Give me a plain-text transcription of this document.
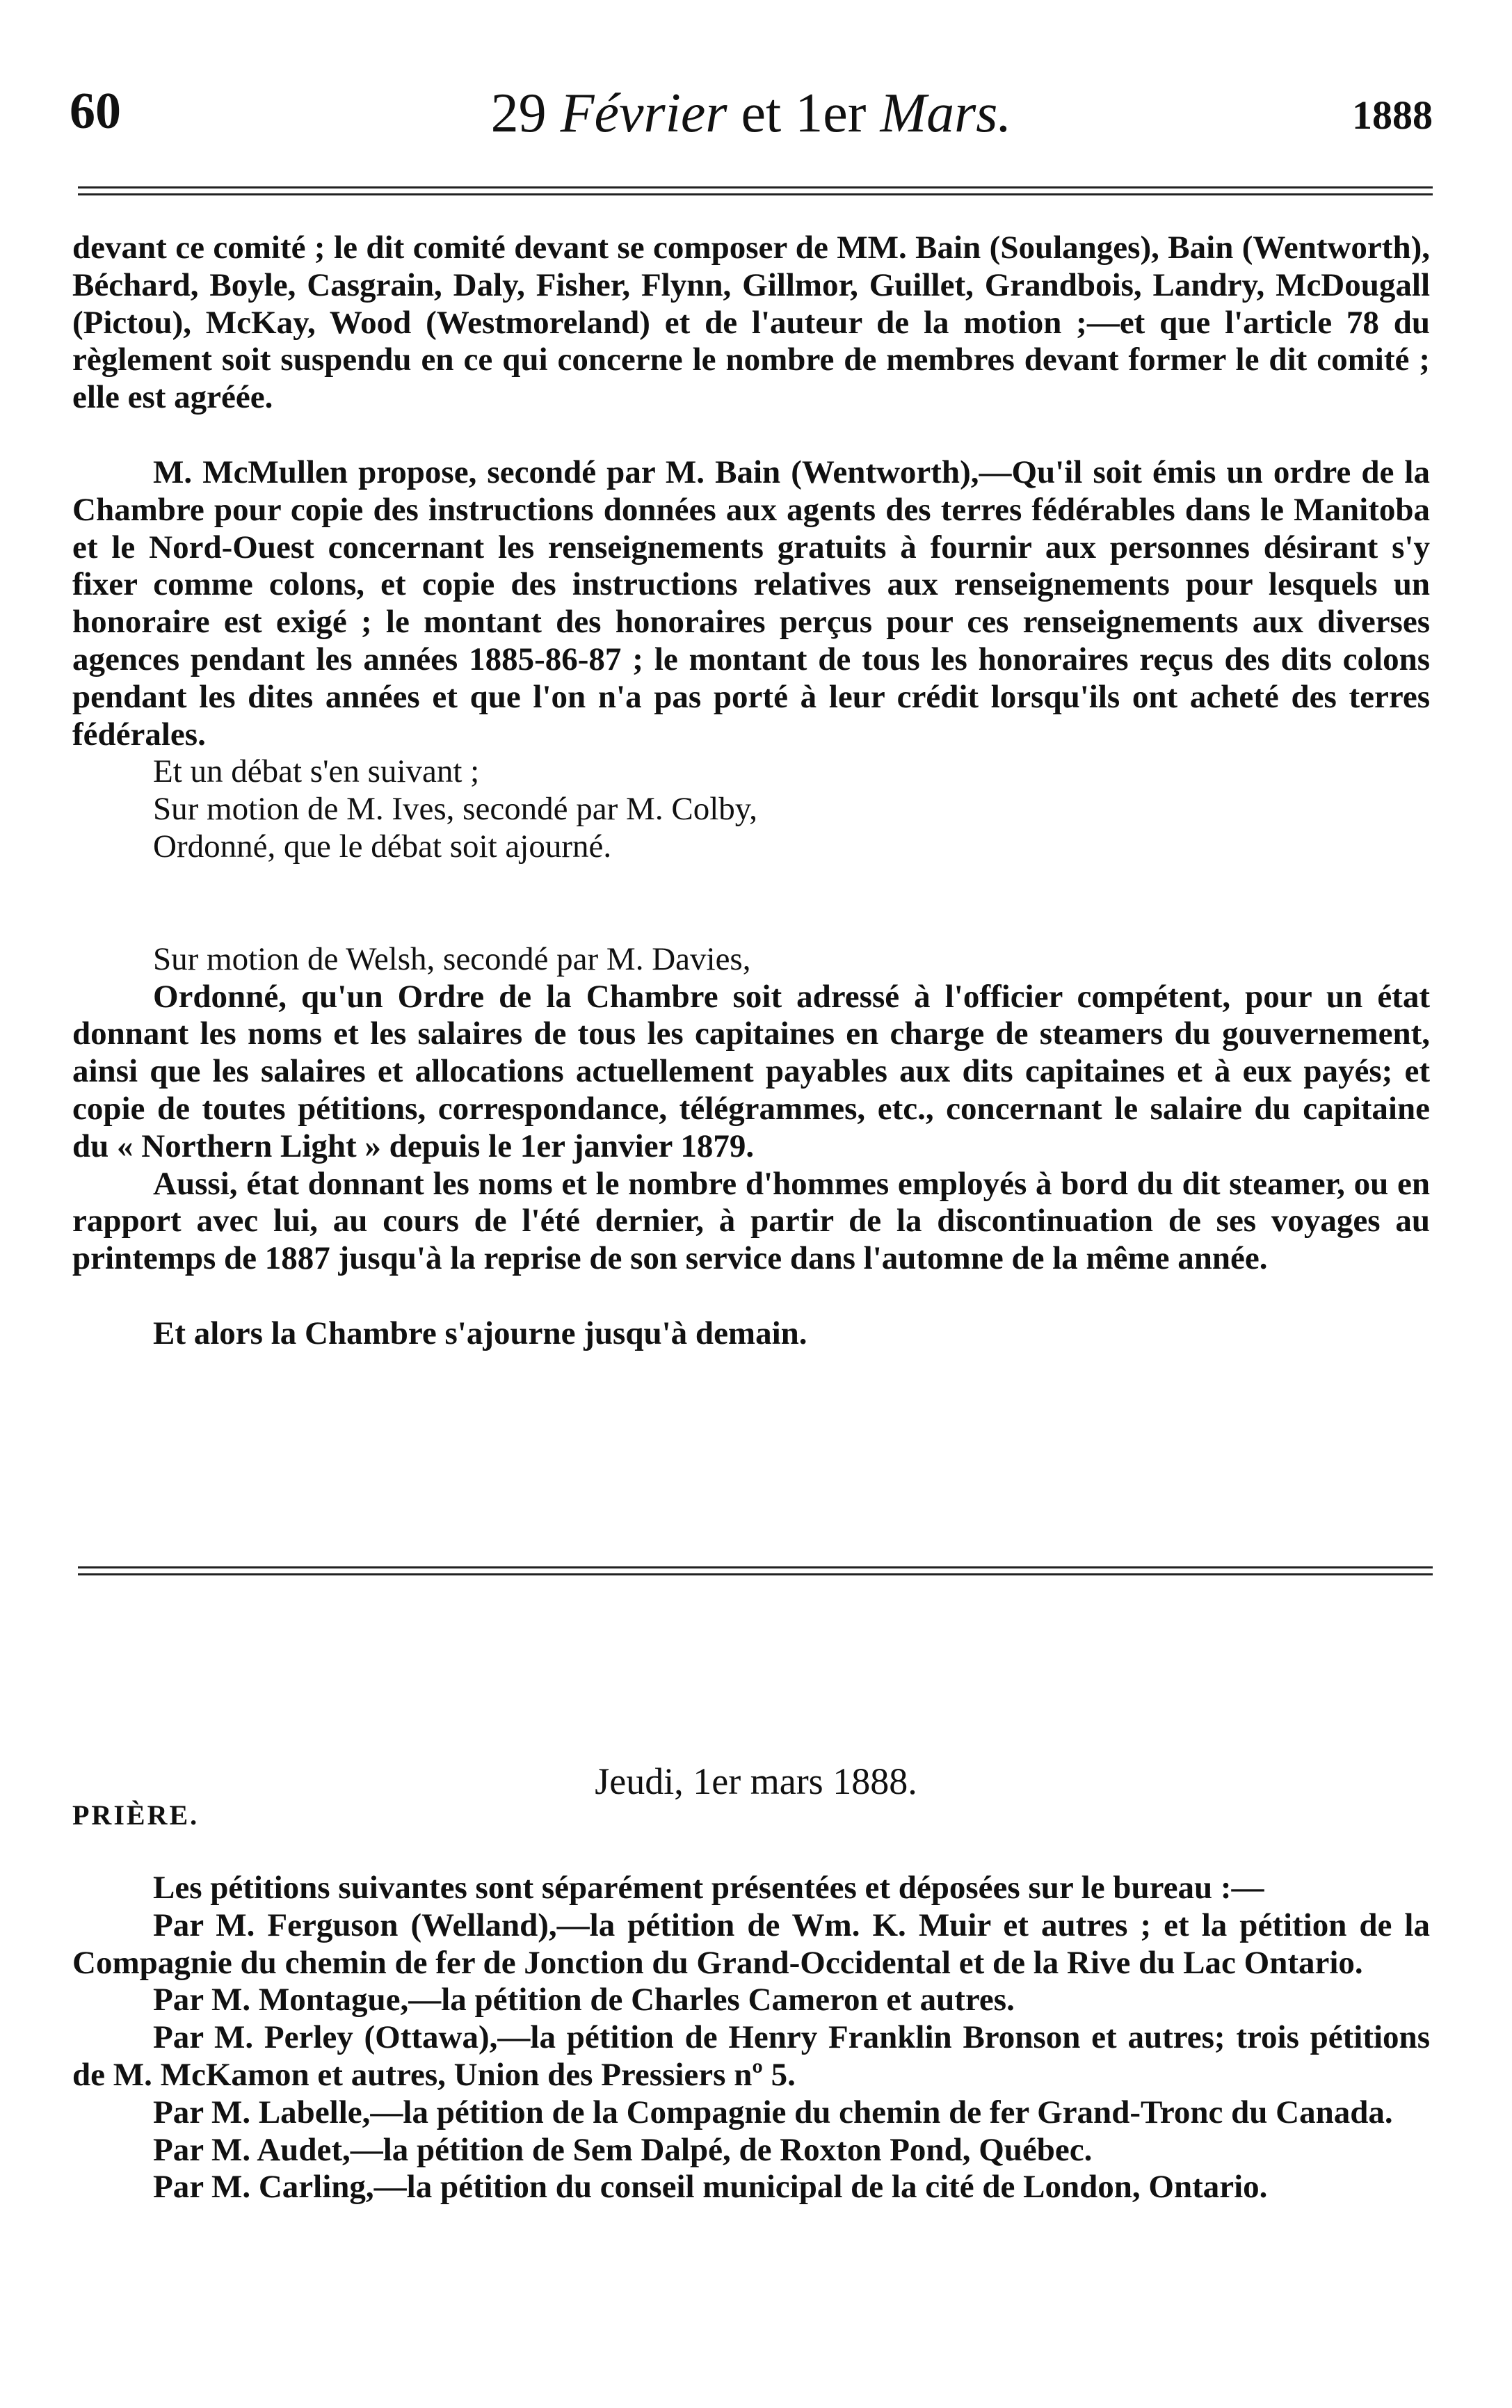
60	29 Février et 1er Mars.	1888

devant ce comité ; le dit comité devant se composer de MM. Bain (Soulanges), Bain (Wentworth), Béchard, Boyle, Casgrain, Daly, Fisher, Flynn, Gillmor, Guillet, Grandbois, Landry, McDougall (Pictou), McKay, Wood (Westmoreland) et de l'auteur de la motion ;—et que l'article 78 du règlement soit suspendu en ce qui concerne le nombre de membres devant former le dit comité ; elle est agréée.

M. McMullen propose, secondé par M. Bain (Wentworth),—Qu'il soit émis un ordre de la Chambre pour copie des instructions données aux agents des terres fédérables dans le Manitoba et le Nord-Ouest concernant les renseignements gratuits à fournir aux personnes désirant s'y fixer comme colons, et copie des instructions relatives aux renseignements pour lesquels un honoraire est exigé ; le montant des honoraires perçus pour ces renseignements aux diverses agences pendant les années 1885-86-87 ; le montant de tous les honoraires reçus des dits colons pendant les dites années et que l'on n'a pas porté à leur crédit lorsqu'ils ont acheté des terres fédérales.

Et un débat s'en suivant ;

Sur motion de M. Ives, secondé par M. Colby,

Ordonné, que le débat soit ajourné.

Sur motion de Welsh, secondé par M. Davies,

Ordonné, qu'un Ordre de la Chambre soit adressé à l'officier compétent, pour un état donnant les noms et les salaires de tous les capitaines en charge de steamers du gouvernement, ainsi que les salaires et allocations actuellement payables aux dits capitaines et à eux payés; et copie de toutes pétitions, correspondance, télégrammes, etc., concernant le salaire du capitaine du « Northern Light » depuis le 1er janvier 1879.

Aussi, état donnant les noms et le nombre d'hommes employés à bord du dit steamer, ou en rapport avec lui, au cours de l'été dernier, à partir de la discontinuation de ses voyages au printemps de 1887 jusqu'à la reprise de son service dans l'automne de la même année.

Et alors la Chambre s'ajourne jusqu'à demain.

Jeudi, 1er mars 1888.
PRIÈRE.

Les pétitions suivantes sont séparément présentées et déposées sur le bureau :—

Par M. Ferguson (Welland),—la pétition de Wm. K. Muir et autres ; et la pétition de la Compagnie du chemin de fer de Jonction du Grand-Occidental et de la Rive du Lac Ontario.

Par M. Montague,—la pétition de Charles Cameron et autres.

Par M. Perley (Ottawa),—la pétition de Henry Franklin Bronson et autres; trois pétitions de M. McKamon et autres, Union des Pressiers nº 5.

Par M. Labelle,—la pétition de la Compagnie du chemin de fer Grand-Tronc du Canada.

Par M. Audet,—la pétition de Sem Dalpé, de Roxton Pond, Québec.

Par M. Carling,—la pétition du conseil municipal de la cité de London, Ontario.
